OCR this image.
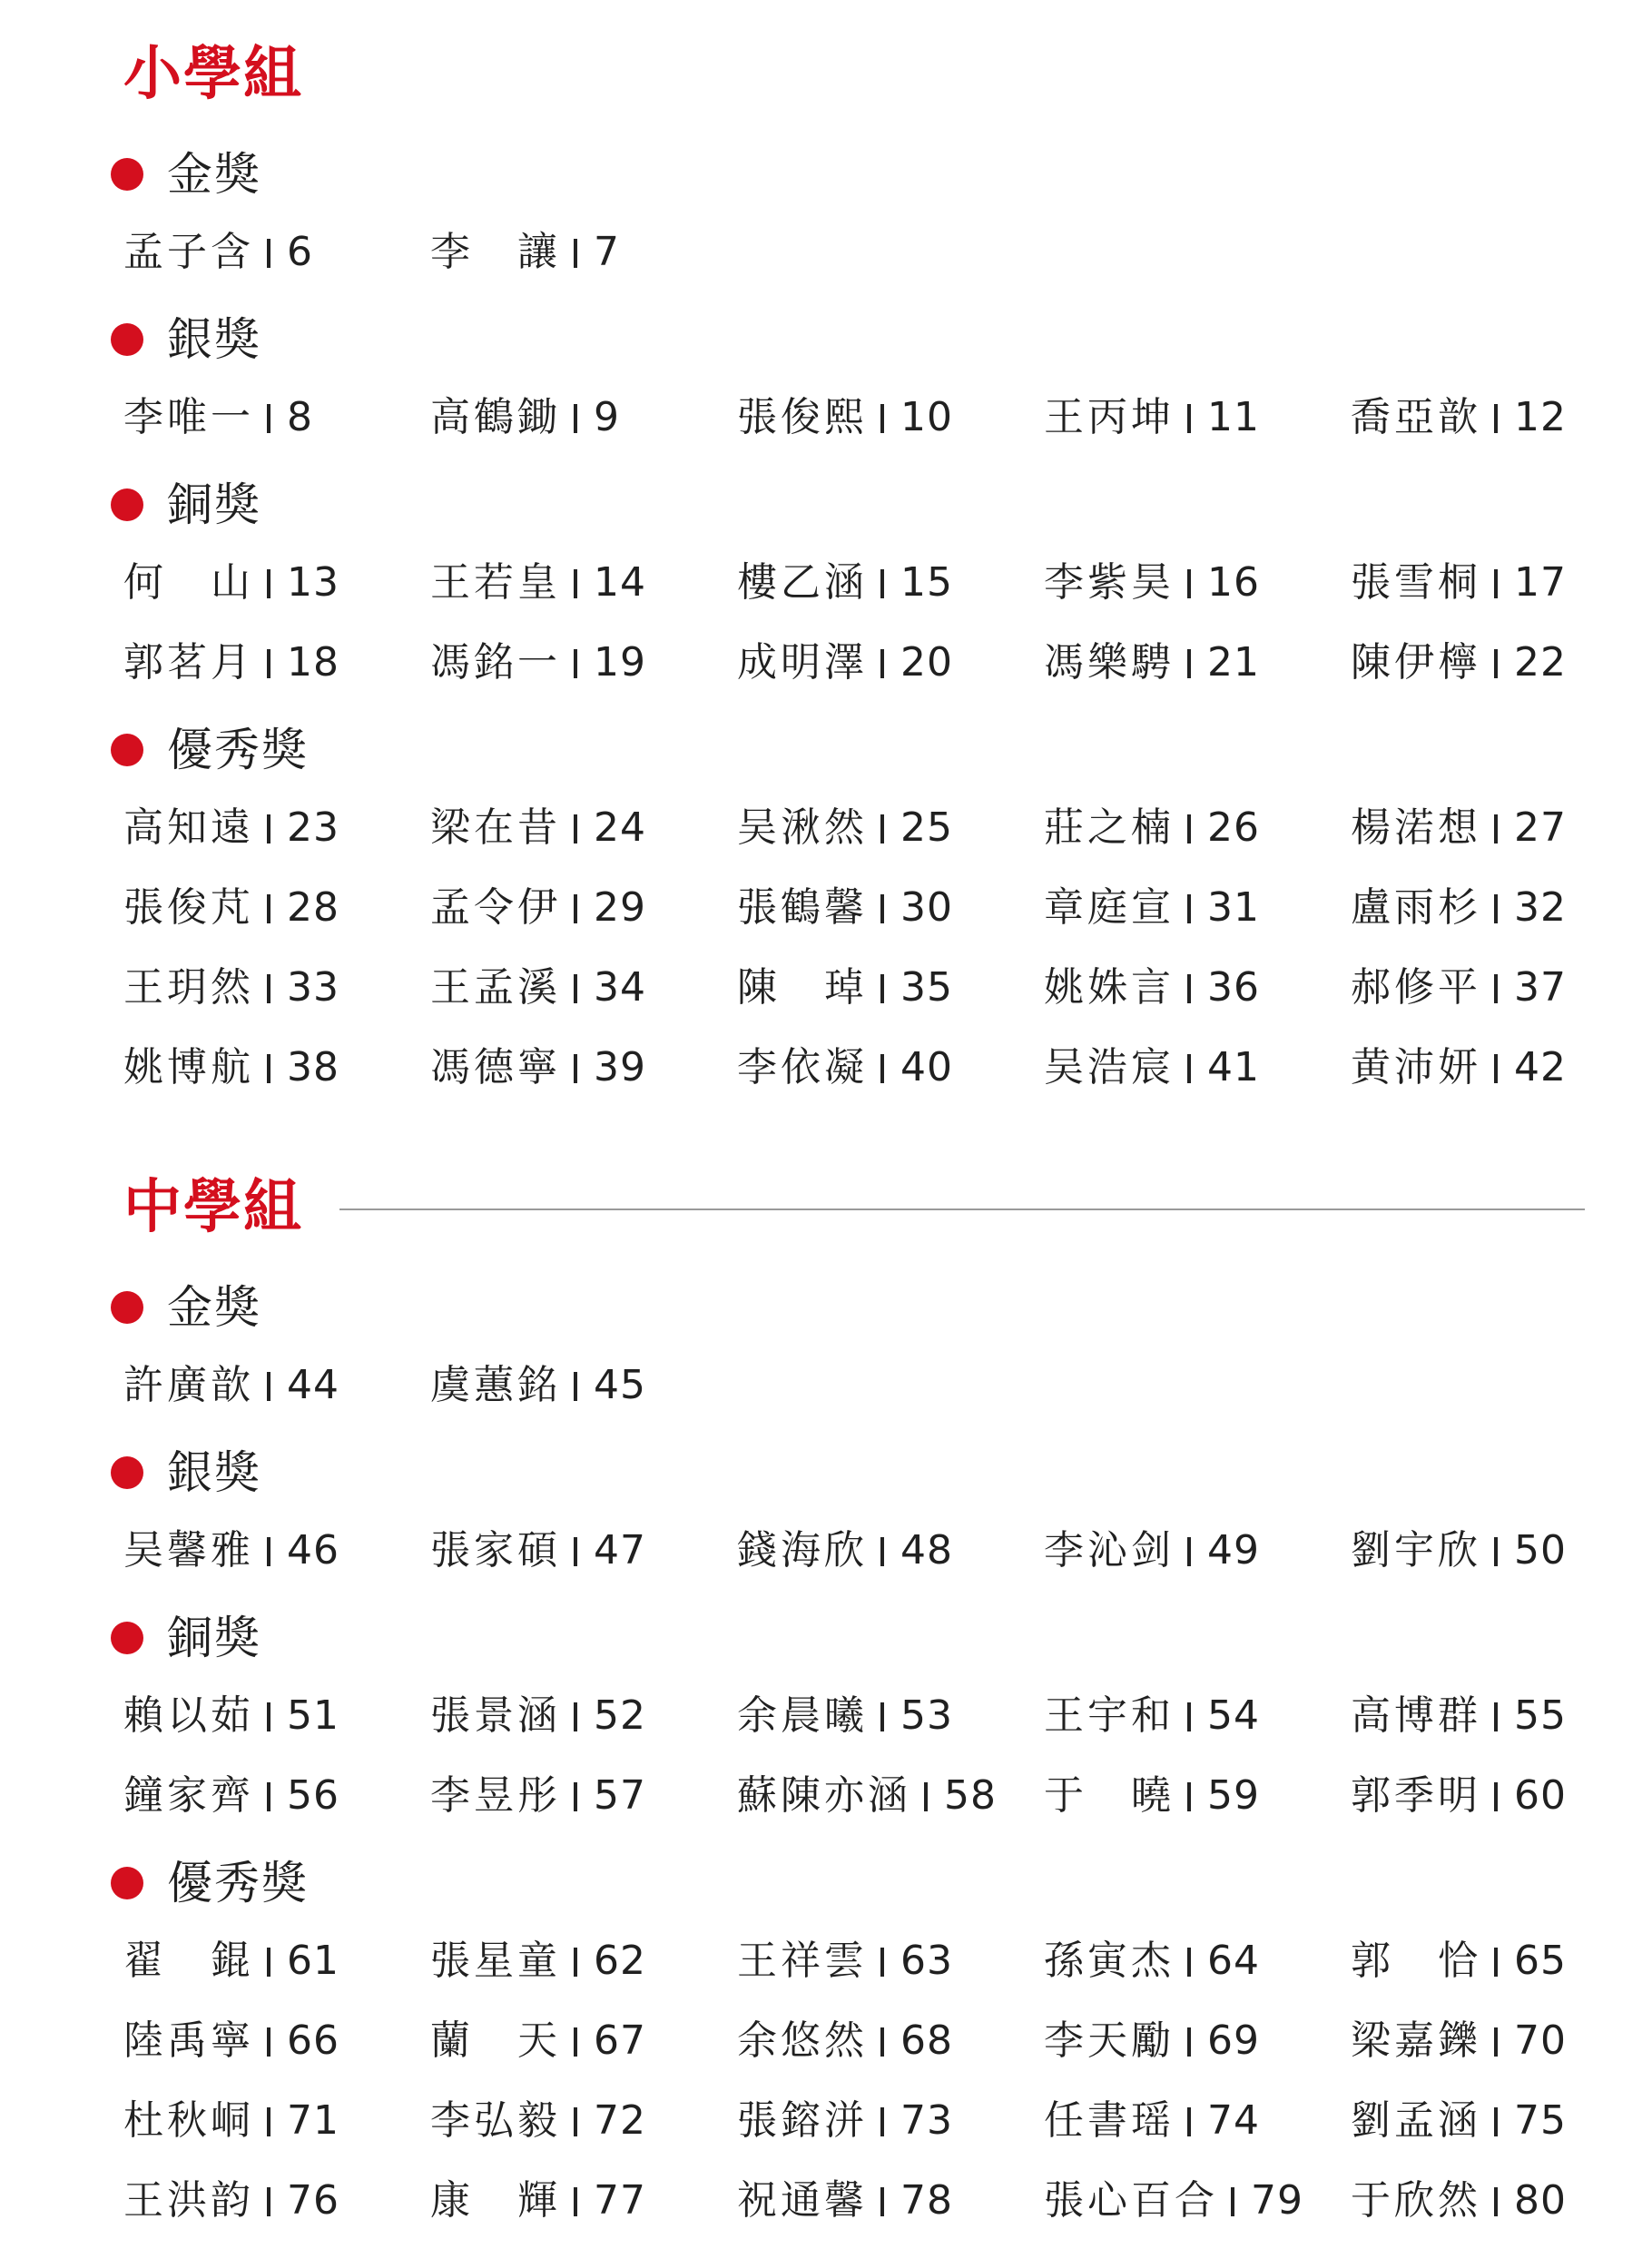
小學組
金獎
孟子含 6	李　讓 7
銀獎
李唯一 8	高鶴鋤 9	張俊熙 10 王丙坤 11 喬亞歆 12
銅獎
何　山 13 王若皇 14 樓乙涵 15 李紫昊 16 張雪桐 17
郭茗月 18 馮銘一 19 成明澤 20 馮樂騁 21 陳伊檸 22
優秀獎
高知遠 23 梁在昔 24 吴湫然 25 莊之楠 26 楊渃想 27
張俊芃 28 孟令伊 29 張鶴馨 30 章庭宣 31 盧雨杉 32
王玥然 33 王孟溪 34 陳　琸 35 姚姝言 36 郝修平 37
姚博航 38 馮德寧 39 李依凝 40 吴浩宸 41 黄沛妍 42
中學組
金獎
許廣歆 44 虞蕙銘 45
銀獎
吴馨雅 46 張家碩 47 錢海欣 48 李沁剑 49 劉宇欣 50
銅獎
賴以茹 51 張景涵 52 余晨曦 53 王宇和 54 高博群 55
鐘家齊 56 李昱彤 57 蘇陳亦涵 58 于　曉 59 郭季明 60
優秀獎
翟　錕 61 張星童 62 王祥雲 63 孫寅杰 64 郭　恰 65
陸禹寧 66 蘭　天 67 余悠然 68 李天勵 69 梁嘉鑠 70
杜秋峒 71 李弘毅 72 張鎔洴 73 任書瑶 74 劉孟涵 75
王洪韵 76 康　輝 77 祝通馨 78 張心百合 79 于欣然 80
